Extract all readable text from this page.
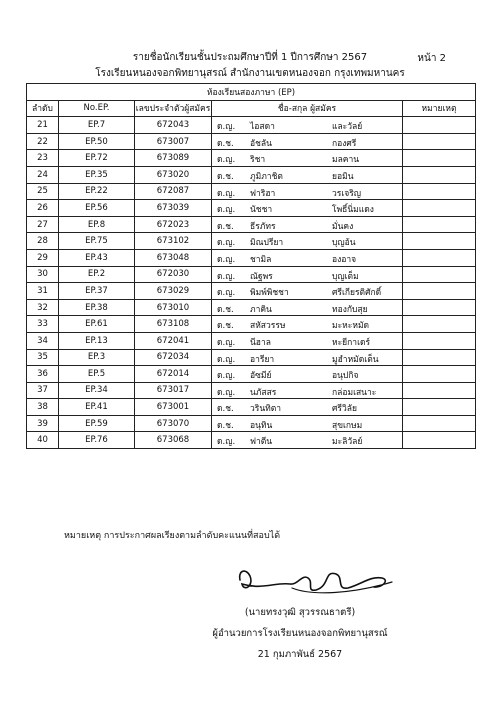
รายชื่อนักเรียนชั้นประถมศึกษาปีที่ 1 ปีการศึกษา 2567
โรงเรียนหนองจอกพิทยานุสรณ์ สำนักงานเขตหนองจอก กรุงเทพมหานคร
หน้า 2
ห้องเรียนสองภาษา (EP)				
ลำดับ	No.EP.	เลขประจำตัวผู้สมัคร	ชื่อ-สกุล ผู้สมัคร	หมายเหตุ
21	EP.7	672043	ด.ญ. ไอสดา และวัลย์	

22	EP.50	673007	ด.ช. อัชลัน กองศรี	

23	EP.72	673089	ด.ญ. ริชา มลคาน	

24	EP.35	673020	ด.ช. ภูมิภาชิต ยอมิน	

25	EP.22	672087	ด.ญ. ฟาริฮา วรเจริญ	

26	EP.56	673039	ด.ญ. นัชชา โพธิ์นิ่มแดง	

27	EP.8	672023	ด.ช. ธีรภัทร มั่นคง	

28	EP.75	673102	ด.ญ. มิณปรียา บุญอ้น	

29	EP.43	673048	ด.ญ. ชามิล องอาจ	

30	EP.2	672030	ด.ญ. ณัฐพร บุญเต็ม	

31	EP.37	673029	ด.ญ. พิมพ์พิชชา ศรีเกียรติศักดิ์	

32	EP.38	673010	ด.ช. ภาคิน ทองกับสุย	

33	EP.61	673108	ด.ช. สหัสวรรษ มะหะหมัด	

34	EP.13	672041	ด.ญ. นีฮาล หะยีกาเดร์	

35	EP.3	672034	ด.ญ. อารียา มูฮำหมัดเต็น	

36	EP.5	672014	ด.ญ. อัซมีย์ อนุปกิจ	

37	EP.34	673017	ด.ญ. นภัสสร กล่อมเสนาะ	

38	EP.41	673001	ด.ช. วรินทิตา ศรีวิลัย	

39	EP.59	673070	ด.ช. อนุทิน สุขเกษม	

40	EP.76	673068	ด.ญ. ฟาตีน มะลิวัลย์	

หมายเหตุ การประกาศผลเรียงตามลำดับคะแนนที่สอบได้
(นายทรงวุฒิ สุวรรณธาตรี)
ผู้อำนวยการโรงเรียนหนองจอกพิทยานุสรณ์
21 กุมภาพันธ์ 2567
